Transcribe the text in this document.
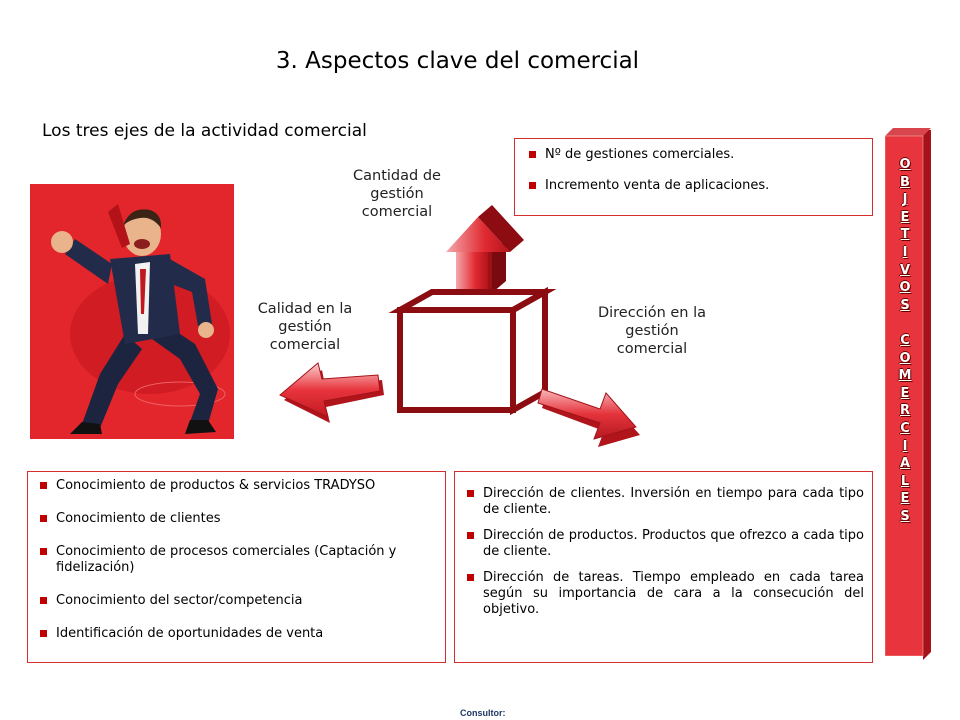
3. Aspectos clave del comercial
Los tres ejes de la actividad comercial
Cantidad de
gestión
comercial
Calidad en la
gestión
comercial
Dirección en la
gestión
comercial
Nº de gestiones comerciales.
Incremento venta de aplicaciones.
Conocimiento de productos & servicios TRADYSO
Conocimiento de clientes
Conocimiento de procesos comerciales (Captación y fidelización)
Conocimiento del sector/competencia
Identificación de oportunidades de venta
Dirección de clientes. Inversión en tiempo para cada tipo de cliente.
Dirección de productos. Productos que ofrezco a cada tipo de cliente.
Dirección de tareas. Tiempo empleado en cada tarea según su importancia de cara a la consecución del objetivo.
O
B
J
E
T
I
V
O
S
C
O
M
E
R
C
I
A
L
E
S
Consultor:
